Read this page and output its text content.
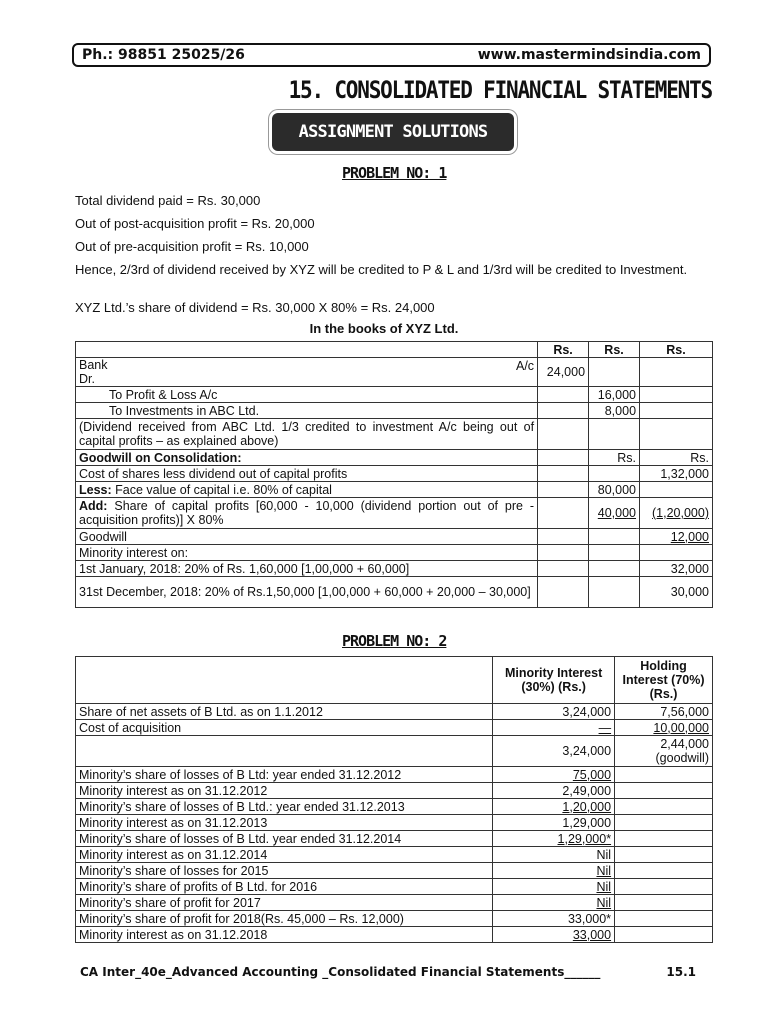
Ph.: 98851 25025/26	www.mastermindsindia.com
15. CONSOLIDATED FINANCIAL STATEMENTS
ASSIGNMENT SOLUTIONS
PROBLEM NO: 1
Total dividend paid = Rs. 30,000
Out of post-acquisition profit = Rs. 20,000
Out of pre-acquisition profit = Rs. 10,000
Hence, 2/3rd of dividend received by XYZ will be credited to P & L and 1/3rd will be credited to Investment.
XYZ Ltd.’s share of dividend = Rs. 30,000 X 80% = Rs. 24,000
In the books of XYZ Ltd.
	Rs.	Rs.	Rs.

Bank
Dr.
A/c	24,000		
To Profit & Loss A/c		16,000	
To Investments in ABC Ltd.		8,000	
(Dividend received from ABC Ltd. 1/3 credited to investment A/c being out of capital profits – as explained above)			
Goodwill on Consolidation:		Rs.	Rs.
Cost of shares less dividend out of capital profits			1,32,000
Less: Face value of capital i.e. 80% of capital		80,000	
Add: Share of capital profits [60,000 - 10,000 (dividend portion out of pre - acquisition profits)] X 80%		40,000	(1,20,000)
Goodwill			12,000
Minority interest on:			
1st January, 2018: 20% of Rs. 1,60,000 [1,00,000 + 60,000]			32,000
31st December, 2018: 20% of Rs.1,50,000 [1,00,000 + 60,000 + 20,000 – 30,000]			30,000
PROBLEM NO: 2
	Minority Interest (30%) (Rs.)	Holding Interest (70%) (Rs.)
Share of net assets of B Ltd. as on 1.1.2012	3,24,000	7,56,000

Cost of acquisition	—	10,00,000

	3,24,000	2,44,000
(goodwill)

Minority’s share of losses of B Ltd: year ended 31.12.2012	75,000	

Minority interest as on 31.12.2012	2,49,000	

Minority’s share of losses of B Ltd.: year ended 31.12.2013	1,20,000	

Minority interest as on 31.12.2013	1,29,000	

Minority’s share of losses of B Ltd. year ended 31.12.2014	1,29,000*	

Minority interest as on 31.12.2014	Nil	

Minority’s share of losses for 2015	Nil	

Minority’s share of profits of B Ltd. for 2016	Nil	

Minority’s share of profit for 2017	Nil	

Minority’s share of profit for 2018(Rs. 45,000 – Rs. 12,000)	33,000*	

Minority interest as on 31.12.2018	33,000	
CA Inter_40e_Advanced Accounting _Consolidated Financial Statements______	15.1
